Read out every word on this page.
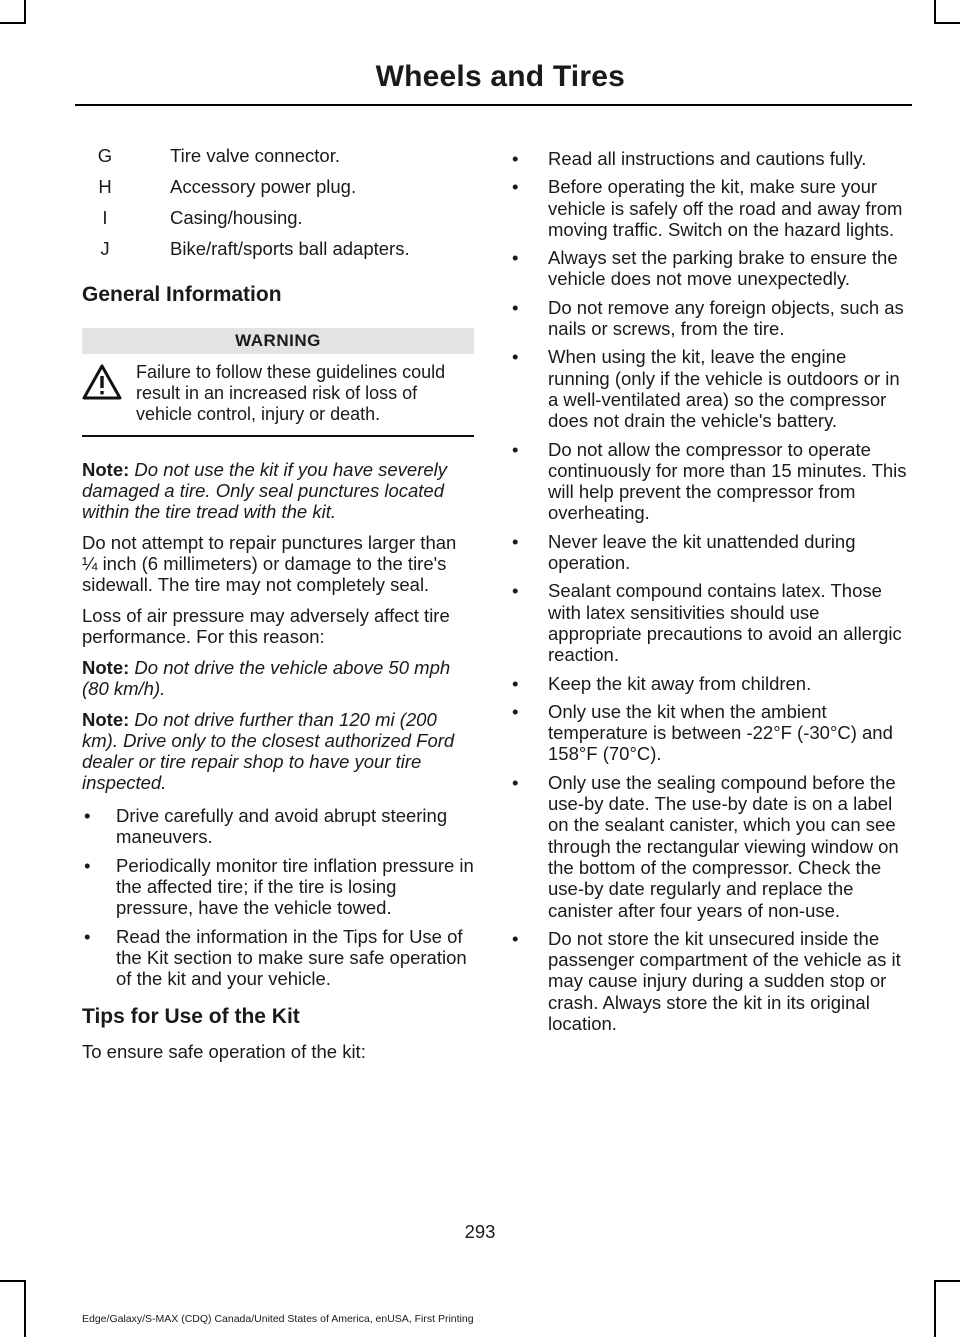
Wheels and Tires
G	Tire valve connector.
H	Accessory power plug.
I	Casing/housing.
J	Bike/raft/sports ball adapters.
General Information
WARNING

Failure to follow these guidelines could result in an increased risk of loss of vehicle control, injury or death.

Note: Do not use the kit if you have severely damaged a tire. Only seal punctures located within the tire tread with the kit.

Do not attempt to repair punctures larger than ¼ inch (6 millimeters) or damage to the tire's sidewall. The tire may not completely seal.

Loss of air pressure may adversely affect tire performance. For this reason:

Note: Do not drive the vehicle above 50 mph (80 km/h).

Note: Do not drive further than 120 mi (200 km). Drive only to the closest authorized Ford dealer or tire repair shop to have your tire inspected.

• Drive carefully and avoid abrupt steering maneuvers.
• Periodically monitor tire inflation pressure in the affected tire; if the tire is losing pressure, have the vehicle towed.
• Read the information in the Tips for Use of the Kit section to make sure safe operation of the kit and your vehicle.
Tips for Use of the Kit

To ensure safe operation of the kit:

• Read all instructions and cautions fully.
• Before operating the kit, make sure your vehicle is safely off the road and away from moving traffic. Switch on the hazard lights.
• Always set the parking brake to ensure the vehicle does not move unexpectedly.
• Do not remove any foreign objects, such as nails or screws, from the tire.
• When using the kit, leave the engine running (only if the vehicle is outdoors or in a well-ventilated area) so the compressor does not drain the vehicle's battery.
• Do not allow the compressor to operate continuously for more than 15 minutes. This will help prevent the compressor from overheating.
• Never leave the kit unattended during operation.
• Sealant compound contains latex. Those with latex sensitivities should use appropriate precautions to avoid an allergic reaction.
• Keep the kit away from children.
• Only use the kit when the ambient temperature is between -22°F (-30°C) and 158°F (70°C).
• Only use the sealing compound before the use-by date. The use-by date is on a label on the sealant canister, which you can see through the rectangular viewing window on the bottom of the compressor. Check the use-by date regularly and replace the canister after four years of non-use.
• Do not store the kit unsecured inside the passenger compartment of the vehicle as it may cause injury during a sudden stop or crash. Always store the kit in its original location.
293
Edge/Galaxy/S-MAX (CDQ) Canada/United States of America, enUSA, First Printing
